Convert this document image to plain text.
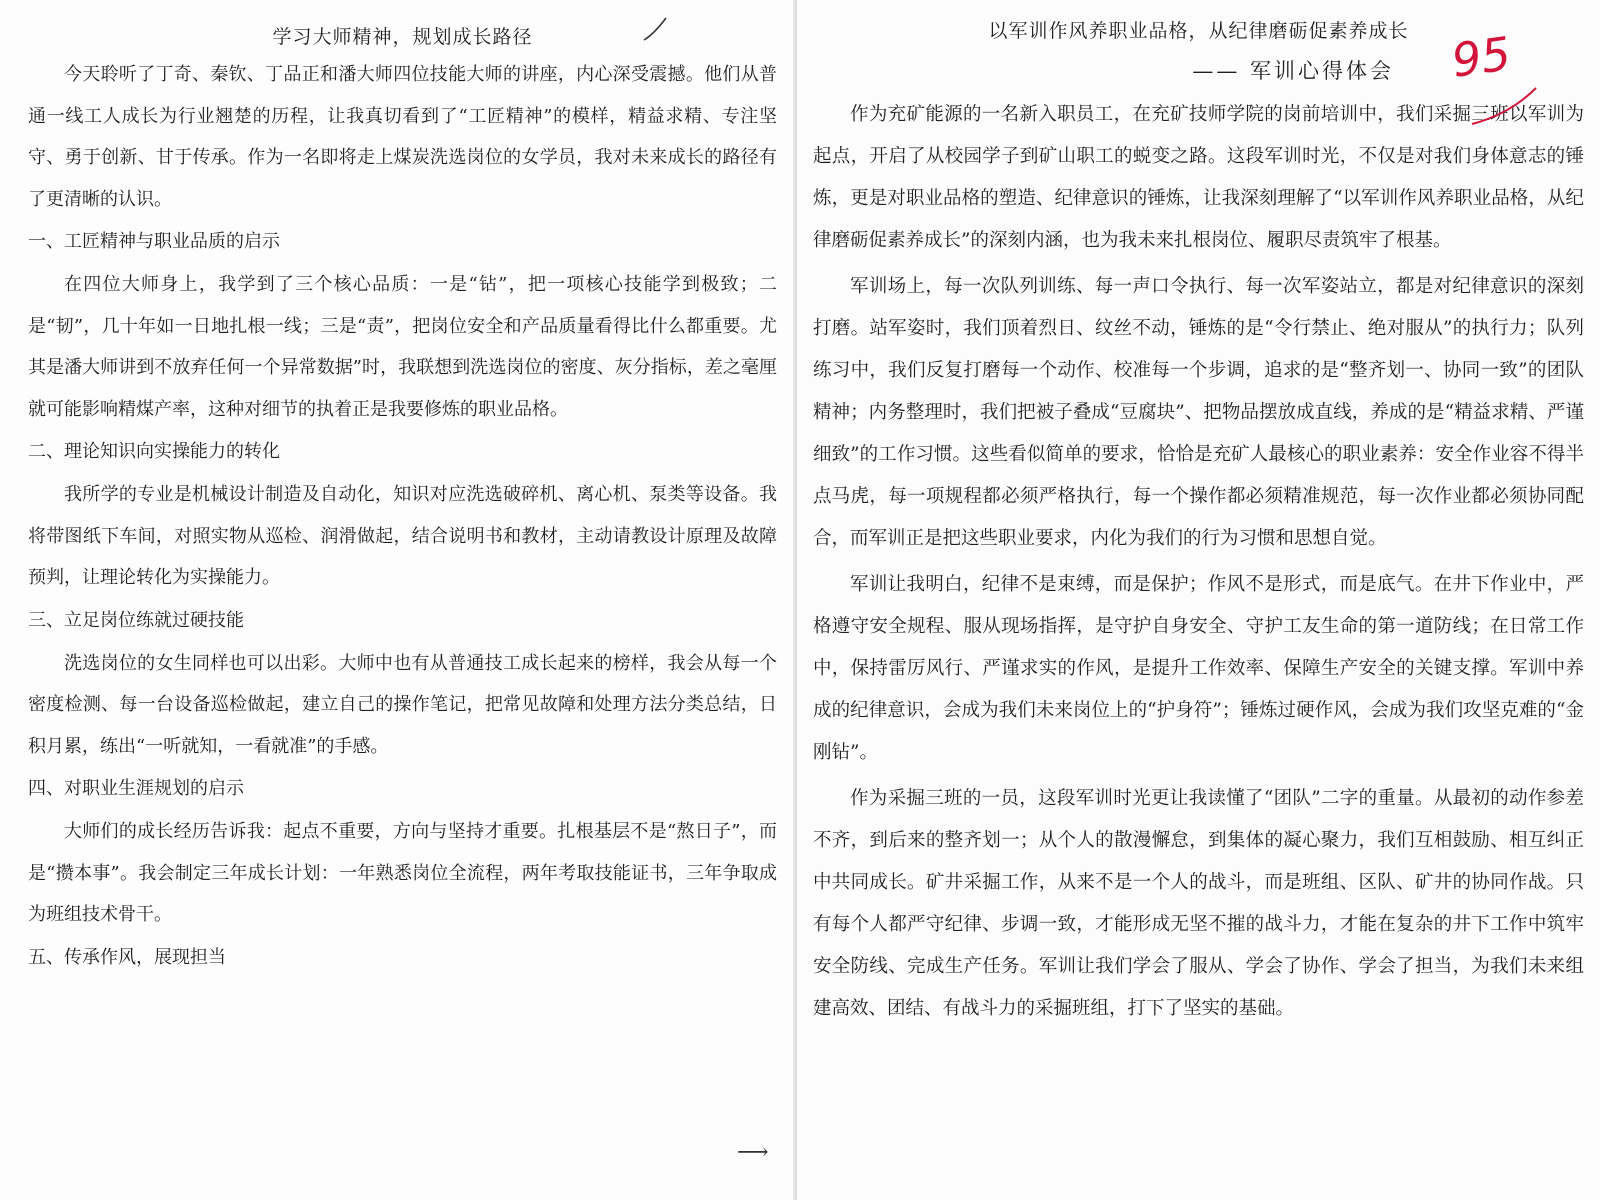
学习大师精神，规划成长路径

今天聆听了丁奇、秦钦、丁品正和潘大师四位技能大师的讲座，内心深受震撼。他们从普通一线工人成长为行业翘楚的历程，让我真切看到了“工匠精神”的模样，精益求精、专注坚守、勇于创新、甘于传承。作为一名即将走上煤炭洗选岗位的女学员，我对未来成长的路径有了更清晰的认识。

一、工匠精神与职业品质的启示

在四位大师身上，我学到了三个核心品质：一是“钻”，把一项核心技能学到极致；二是“韧”，几十年如一日地扎根一线；三是“责”，把岗位安全和产品质量看得比什么都重要。尤其是潘大师讲到不放弃任何一个异常数据”时，我联想到洗选岗位的密度、灰分指标，差之毫厘就可能影响精煤产率，这种对细节的执着正是我要修炼的职业品格。

二、理论知识向实操能力的转化

我所学的专业是机械设计制造及自动化，知识对应洗选破碎机、离心机、泵类等设备。我将带图纸下车间，对照实物从巡检、润滑做起，结合说明书和教材，主动请教设计原理及故障预判，让理论转化为实操能力。

三、立足岗位练就过硬技能

洗选岗位的女生同样也可以出彩。大师中也有从普通技工成长起来的榜样，我会从每一个密度检测、每一台设备巡检做起，建立自己的操作笔记，把常见故障和处理方法分类总结，日积月累，练出“一听就知，一看就准”的手感。

四、对职业生涯规划的启示

大师们的成长经历告诉我：起点不重要，方向与坚持才重要。扎根基层不是“熬日子”，而是“攒本事”。我会制定三年成长计划：一年熟悉岗位全流程，两年考取技能证书，三年争取成为班组技术骨干。

五、传承作风，展现担当

⟶
以军训作风养职业品格，从纪律磨砺促素养成长
—— 军训心得体会

作为充矿能源的一名新入职员工，在充矿技师学院的岗前培训中，我们采掘三班以军训为起点，开启了从校园学子到矿山职工的蜕变之路。这段军训时光，不仅是对我们身体意志的锤炼，更是对职业品格的塑造、纪律意识的锤炼，让我深刻理解了“以军训作风养职业品格，从纪律磨砺促素养成长”的深刻内涵，也为我未来扎根岗位、履职尽责筑牢了根基。

军训场上，每一次队列训练、每一声口令执行、每一次军姿站立，都是对纪律意识的深刻打磨。站军姿时，我们顶着烈日、纹丝不动，锤炼的是“令行禁止、绝对服从”的执行力；队列练习中，我们反复打磨每一个动作、校准每一个步调，追求的是“整齐划一、协同一致”的团队精神；内务整理时，我们把被子叠成“豆腐块”、把物品摆放成直线，养成的是“精益求精、严谨细致”的工作习惯。这些看似简单的要求，恰恰是充矿人最核心的职业素养：安全作业容不得半点马虎，每一项规程都必须严格执行，每一个操作都必须精准规范，每一次作业都必须协同配合，而军训正是把这些职业要求，内化为我们的行为习惯和思想自觉。

军训让我明白，纪律不是束缚，而是保护；作风不是形式，而是底气。在井下作业中，严格遵守安全规程、服从现场指挥，是守护自身安全、守护工友生命的第一道防线；在日常工作中，保持雷厉风行、严谨求实的作风，是提升工作效率、保障生产安全的关键支撑。军训中养成的纪律意识，会成为我们未来岗位上的“护身符”；锤炼过硬作风，会成为我们攻坚克难的“金刚钻”。

作为采掘三班的一员，这段军训时光更让我读懂了“团队”二字的重量。从最初的动作参差不齐，到后来的整齐划一；从个人的散漫懈怠，到集体的凝心聚力，我们互相鼓励、相互纠正中共同成长。矿井采掘工作，从来不是一个人的战斗，而是班组、区队、矿井的协同作战。只有每个人都严守纪律、步调一致，才能形成无坚不摧的战斗力，才能在复杂的井下工作中筑牢安全防线、完成生产任务。军训让我们学会了服从、学会了协作、学会了担当，为我们未来组建高效、团结、有战斗力的采掘班组，打下了坚实的基础。

95
